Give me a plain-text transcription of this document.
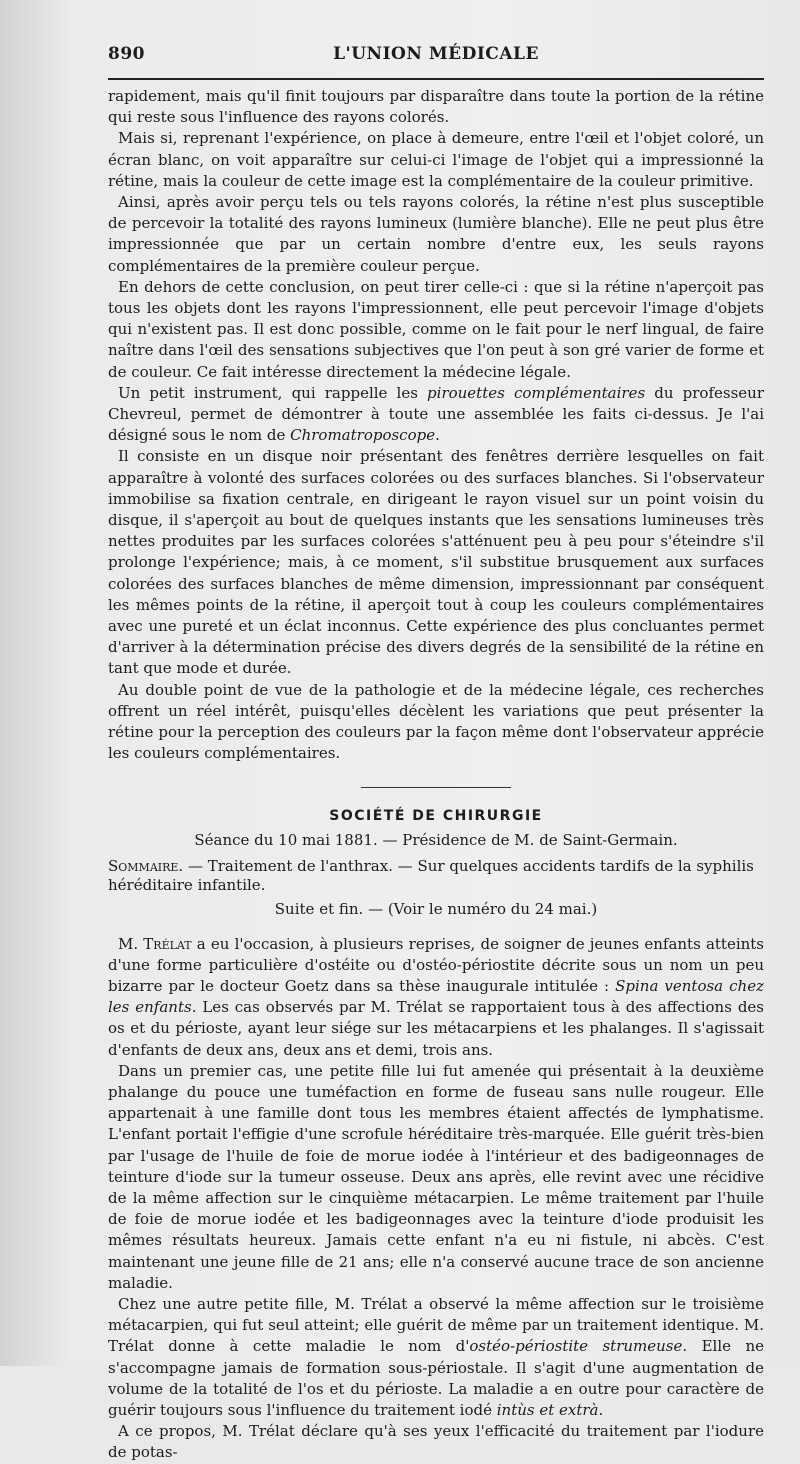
890	L'UNION MÉDICALE

rapidement, mais qu'il finit toujours par disparaître dans toute la portion de la rétine qui reste sous l'influence des rayons colorés.

Mais si, reprenant l'expérience, on place à demeure, entre l'œil et l'objet coloré, un écran blanc, on voit apparaître sur celui-ci l'image de l'objet qui a impressionné la rétine, mais la couleur de cette image est la complémentaire de la couleur primitive.

Ainsi, après avoir perçu tels ou tels rayons colorés, la rétine n'est plus susceptible de percevoir la totalité des rayons lumineux (lumière blanche). Elle ne peut plus être impressionnée que par un certain nombre d'entre eux, les seuls rayons complémentaires de la première couleur perçue.

En dehors de cette conclusion, on peut tirer celle-ci : que si la rétine n'aperçoit pas tous les objets dont les rayons l'impressionnent, elle peut percevoir l'image d'objets qui n'existent pas. Il est donc possible, comme on le fait pour le nerf lingual, de faire naître dans l'œil des sensations subjectives que l'on peut à son gré varier de forme et de couleur. Ce fait intéresse directement la médecine légale.

Un petit instrument, qui rappelle les pirouettes complémentaires du professeur Chevreul, permet de démontrer à toute une assemblée les faits ci-dessus. Je l'ai désigné sous le nom de Chromatroposcope.

Il consiste en un disque noir présentant des fenêtres derrière lesquelles on fait apparaître à volonté des surfaces colorées ou des surfaces blanches. Si l'observateur immobilise sa fixation centrale, en dirigeant le rayon visuel sur un point voisin du disque, il s'aperçoit au bout de quelques instants que les sensations lumineuses très nettes produites par les surfaces colorées s'atténuent peu à peu pour s'éteindre s'il prolonge l'expérience; mais, à ce moment, s'il substitue brusquement aux surfaces colorées des surfaces blanches de même dimension, impressionnant par conséquent les mêmes points de la rétine, il aperçoit tout à coup les couleurs complémentaires avec une pureté et un éclat inconnus. Cette expérience des plus concluantes permet d'arriver à la détermination précise des divers degrés de la sensibilité de la rétine en tant que mode et durée.

Au double point de vue de la pathologie et de la médecine légale, ces recherches offrent un réel intérêt, puisqu'elles décèlent les variations que peut présenter la rétine pour la perception des couleurs par la façon même dont l'observateur apprécie les couleurs complémentaires.

SOCIÉTÉ DE CHIRURGIE
Séance du 10 mai 1881. — Présidence de M. de Saint-Germain.
Sommaire. — Traitement de l'anthrax. — Sur quelques accidents tardifs de la syphilis héréditaire infantile.
Suite et fin. — (Voir le numéro du 24 mai.)

M. Trélat a eu l'occasion, à plusieurs reprises, de soigner de jeunes enfants atteints d'une forme particulière d'ostéite ou d'ostéo-périostite décrite sous un nom un peu bizarre par le docteur Goetz dans sa thèse inaugurale intitulée : Spina ventosa chez les enfants. Les cas observés par M. Trélat se rapportaient tous à des affections des os et du périoste, ayant leur siége sur les métacarpiens et les phalanges. Il s'agissait d'enfants de deux ans, deux ans et demi, trois ans.

Dans un premier cas, une petite fille lui fut amenée qui présentait à la deuxième phalange du pouce une tuméfaction en forme de fuseau sans nulle rougeur. Elle appartenait à une famille dont tous les membres étaient affectés de lymphatisme. L'enfant portait l'effigie d'une scrofule héréditaire très-marquée. Elle guérit très-bien par l'usage de l'huile de foie de morue iodée à l'intérieur et des badigeonnages de teinture d'iode sur la tumeur osseuse. Deux ans après, elle revint avec une récidive de la même affection sur le cinquième métacarpien. Le même traitement par l'huile de foie de morue iodée et les badigeonnages avec la teinture d'iode produisit les mêmes résultats heureux. Jamais cette enfant n'a eu ni fistule, ni abcès. C'est maintenant une jeune fille de 21 ans; elle n'a conservé aucune trace de son ancienne maladie.

Chez une autre petite fille, M. Trélat a observé la même affection sur le troisième métacarpien, qui fut seul atteint; elle guérit de même par un traitement identique. M. Trélat donne à cette maladie le nom d'ostéo-périostite strumeuse. Elle ne s'accompagne jamais de formation sous-périostale. Il s'agit d'une augmentation de volume de la totalité de l'os et du périoste. La maladie a en outre pour caractère de guérir toujours sous l'influence du traitement iodé intùs et extrà.

A ce propos, M. Trélat déclare qu'à ses yeux l'efficacité du traitement par l'iodure de potas-
